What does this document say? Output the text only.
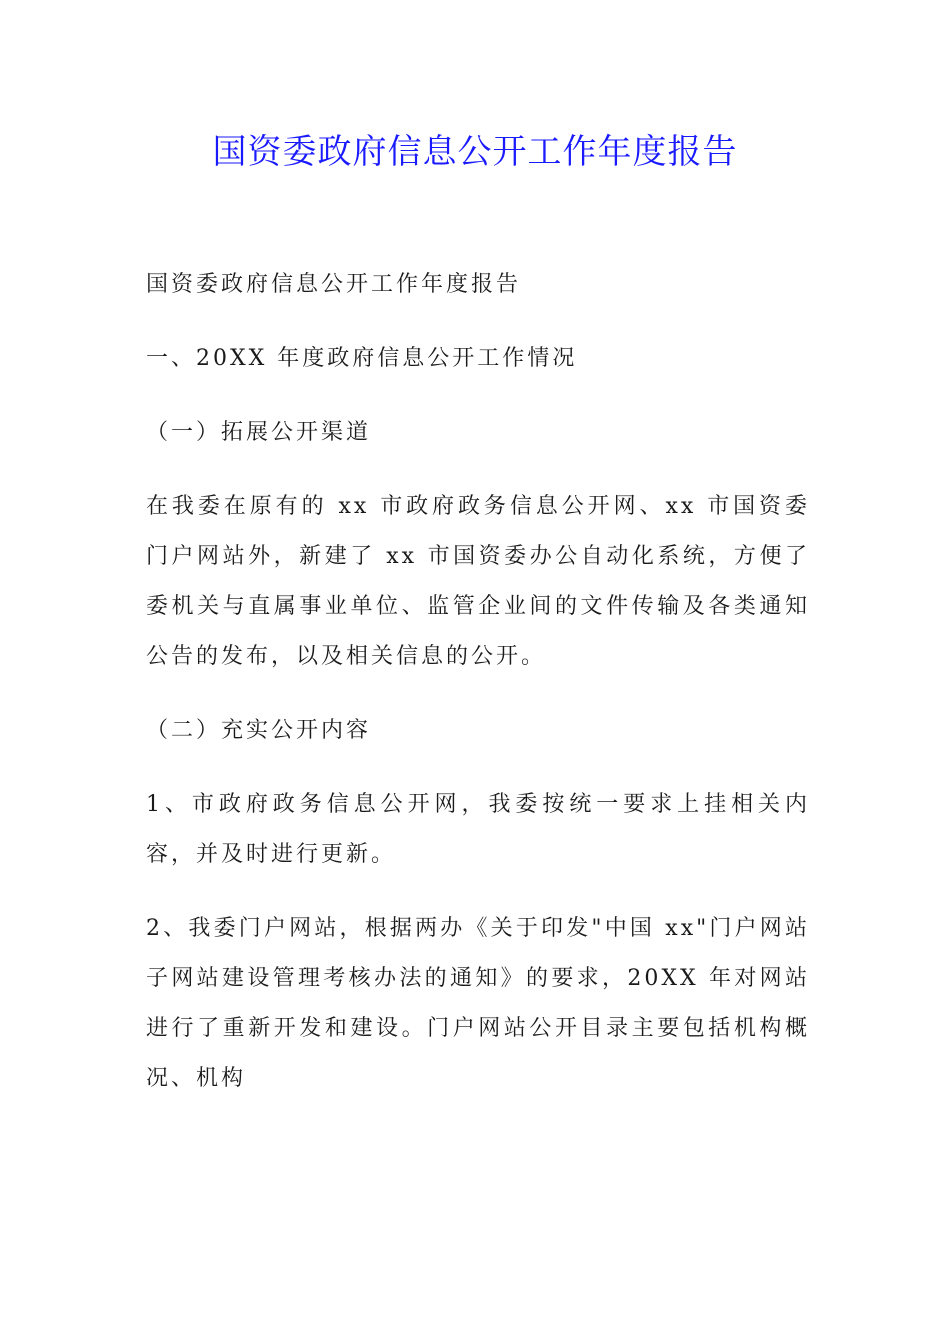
国资委政府信息公开工作年度报告

国资委政府信息公开工作年度报告

一、20XX 年度政府信息公开工作情况

（一）拓展公开渠道

在我委在原有的 xx 市政府政务信息公开网、xx 市国资委门户网站外，新建了 xx 市国资委办公自动化系统，方便了委机关与直属事业单位、监管企业间的文件传输及各类通知公告的发布，以及相关信息的公开。

（二）充实公开内容

1、市政府政务信息公开网，我委按统一要求上挂相关内容，并及时进行更新。

2、我委门户网站，根据两办《关于印发"中国 xx"门户网站子网站建设管理考核办法的通知》的要求，20XX 年对网站进行了重新开发和建设。门户网站公开目录主要包括机构概况、机构
